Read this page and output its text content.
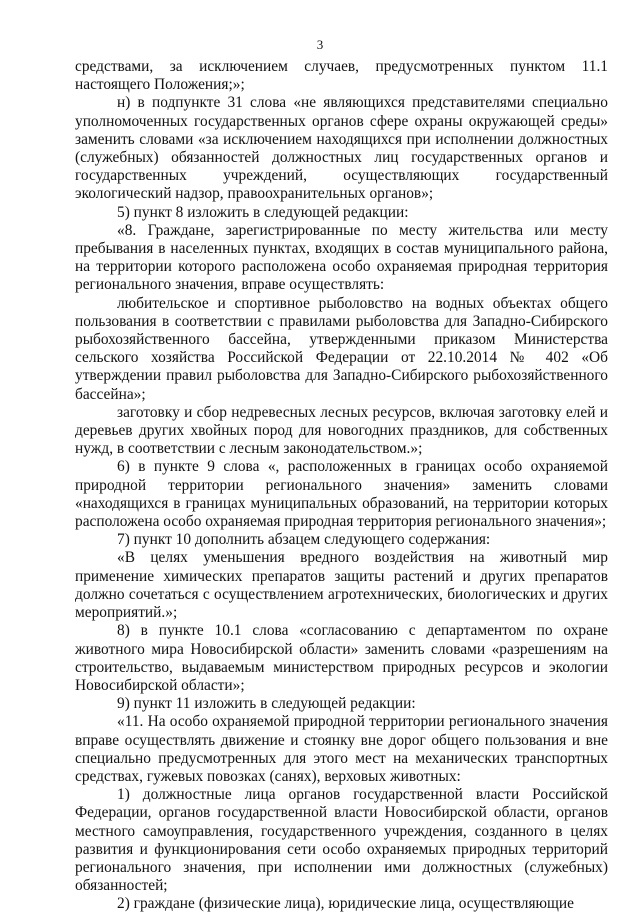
3

средствами, за исключением случаев, предусмотренных пунктом 11.1 настоящего Положения;»;

н) в подпункте 31 слова «не являющихся представителями специально уполномоченных государственных органов сфере охраны окружающей среды» заменить словами «за исключением находящихся при исполнении должностных (служебных) обязанностей должностных лиц государственных органов и государственных учреждений, осуществляющих государственный экологический надзор, правоохранительных органов»;

5) пункт 8 изложить в следующей редакции:

«8. Граждане, зарегистрированные по месту жительства или месту пребывания в населенных пунктах, входящих в состав муниципального района, на территории которого расположена особо охраняемая природная территория регионального значения, вправе осуществлять:

любительское и спортивное рыболовство на водных объектах общего пользования в соответствии с правилами рыболовства для Западно-Сибирского рыбохозяйственного бассейна, утвержденными приказом Министерства сельского хозяйства Российской Федерации от 22.10.2014 № 402 «Об утверждении правил рыболовства для Западно-Сибирского рыбохозяйственного бассейна»;

заготовку и сбор недревесных лесных ресурсов, включая заготовку елей и деревьев других хвойных пород для новогодних праздников, для собственных нужд, в соответствии с лесным законодательством.»;

6) в пункте 9 слова «, расположенных в границах особо охраняемой природной территории регионального значения» заменить словами «находящихся в границах муниципальных образований, на территории которых расположена особо охраняемая природная территория регионального значения»;

7) пункт 10 дополнить абзацем следующего содержания:

«В целях уменьшения вредного воздействия на животный мир применение химических препаратов защиты растений и других препаратов должно сочетаться с осуществлением агротехнических, биологических и других мероприятий.»;

8) в пункте 10.1 слова «согласованию с департаментом по охране животного мира Новосибирской области» заменить словами «разрешениям на строительство, выдаваемым министерством природных ресурсов и экологии Новосибирской области»;

9) пункт 11 изложить в следующей редакции:

«11. На особо охраняемой природной территории регионального значения вправе осуществлять движение и стоянку вне дорог общего пользования и вне специально предусмотренных для этого мест на механических транспортных средствах, гужевых повозках (санях), верховых животных:

1) должностные лица органов государственной власти Российской Федерации, органов государственной власти Новосибирской области, органов местного самоуправления, государственного учреждения, созданного в целях развития и функционирования сети особо охраняемых природных территорий регионального значения, при исполнении ими должностных (служебных) обязанностей;

2) граждане (физические лица), юридические лица, осуществляющие
